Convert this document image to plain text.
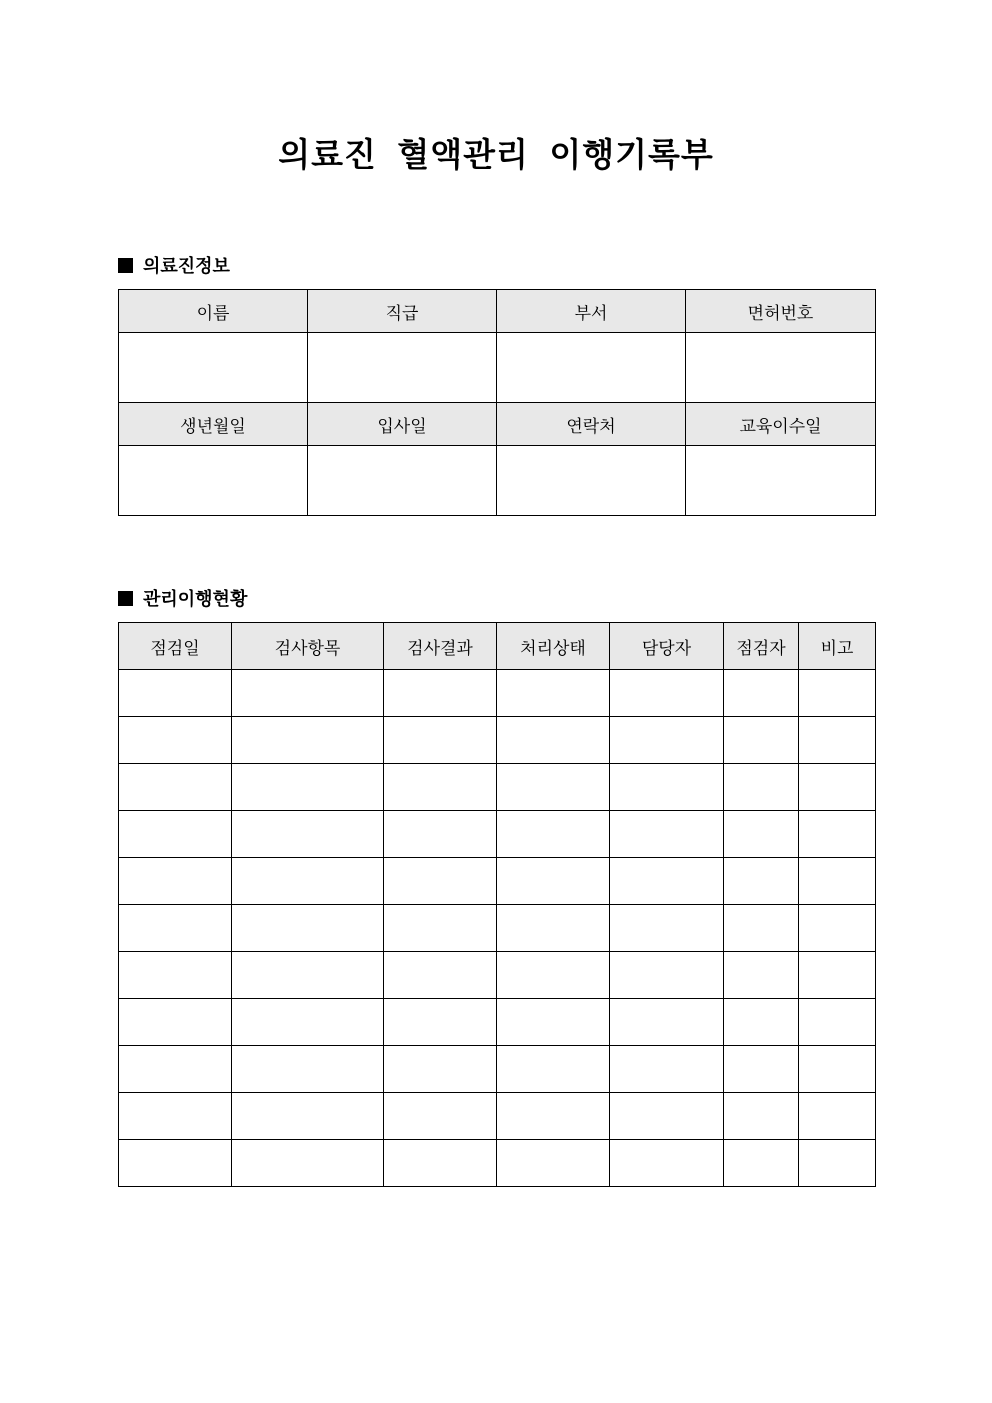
의료진 혈액관리 이행기록부
의료진정보
이름	직급	부서	면허번호

생년월일	입사일	연락처	교육이수일

관리이행현황
점검일	검사항목	검사결과	처리상태	담당자	점검자	비고
